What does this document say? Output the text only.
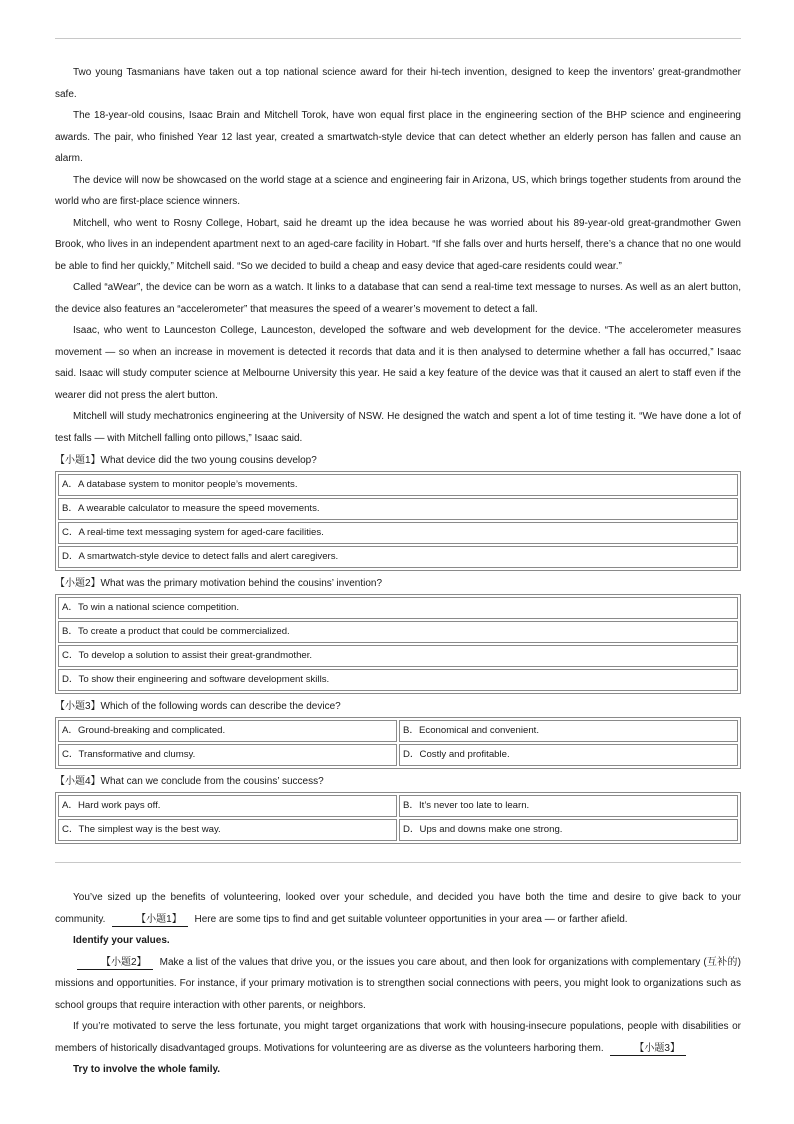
Two young Tasmanians have taken out a top national science award for their hi-tech invention, designed to keep the inventors’ great-grandmother safe.

The 18-year-old cousins, Isaac Brain and Mitchell Torok, have won equal first place in the engineering section of the BHP science and engineering awards. The pair, who finished Year 12 last year, created a smartwatch-style device that can detect whether an elderly person has fallen and cause an alarm.

The device will now be showcased on the world stage at a science and engineering fair in Arizona, US, which brings together students from around the world who are first-place science winners.

Mitchell, who went to Rosny College, Hobart, said he dreamt up the idea because he was worried about his 89-year-old great-grandmother Gwen Brook, who lives in an independent apartment next to an aged-care facility in Hobart. “If she falls over and hurts herself, there’s a chance that no one would be able to find her quickly,” Mitchell said. “So we decided to build a cheap and easy device that aged-care residents could wear.”

Called “aWear”, the device can be worn as a watch. It links to a database that can send a real-time text message to nurses. As well as an alert button, the device also features an “accelerometer” that measures the speed of a wearer’s movement to detect a fall.

Isaac, who went to Launceston College, Launceston, developed the software and web development for the device. “The accelerometer measures movement — so when an increase in movement is detected it records that data and it is then analysed to determine whether a fall has occurred,” Isaac said. Isaac will study computer science at Melbourne University this year. He said a key feature of the device was that it caused an alert to staff even if the wearer did not press the alert button.

Mitchell will study mechatronics engineering at the University of NSW. He designed the watch and spent a lot of time testing it. “We have done a lot of test falls — with Mitchell falling onto pillows,” Isaac said.

【小题1】What device did the two young cousins develop?

A．A database system to monitor people’s movements.
B．A wearable calculator to measure the speed movements.
C．A real-time text messaging system for aged-care facilities.
D．A smartwatch-style device to detect falls and alert caregivers.

【小题2】What was the primary motivation behind the cousins’ invention?

A．To win a national science competition.
B．To create a product that could be commercialized.
C．To develop a solution to assist their great-grandmother.
D．To show their engineering and software development skills.

【小题3】Which of the following words can describe the device?

A．Ground-breaking and complicated.	B．Economical and convenient.
C．Transformative and clumsy.	D．Costly and profitable.

【小题4】What can we conclude from the cousins’ success?

A．Hard work pays off.	B．It’s never too late to learn.
C．The simplest way is the best way.	D．Ups and downs make one strong.

You’ve sized up the benefits of volunteering, looked over your schedule, and decided you have both the time and desire to give back to your community.	【小题1】 Here are some tips to find and get suitable volunteer opportunities in your area — or farther afield.

Identify your values.

【小题2】 Make a list of the values that drive you, or the issues you care about, and then look for organizations with complementary (互补的) missions and opportunities. For instance, if your primary motivation is to strengthen social connections with peers, you might look to organizations such as school groups that require interaction with other parents, or neighbors.

If you’re motivated to serve the less fortunate, you might target organizations that work with housing-insecure populations, people with disabilities or members of historically disadvantaged groups. Motivations for volunteering are as diverse as the volunteers harboring them.	【小题3】

Try to involve the whole family.
